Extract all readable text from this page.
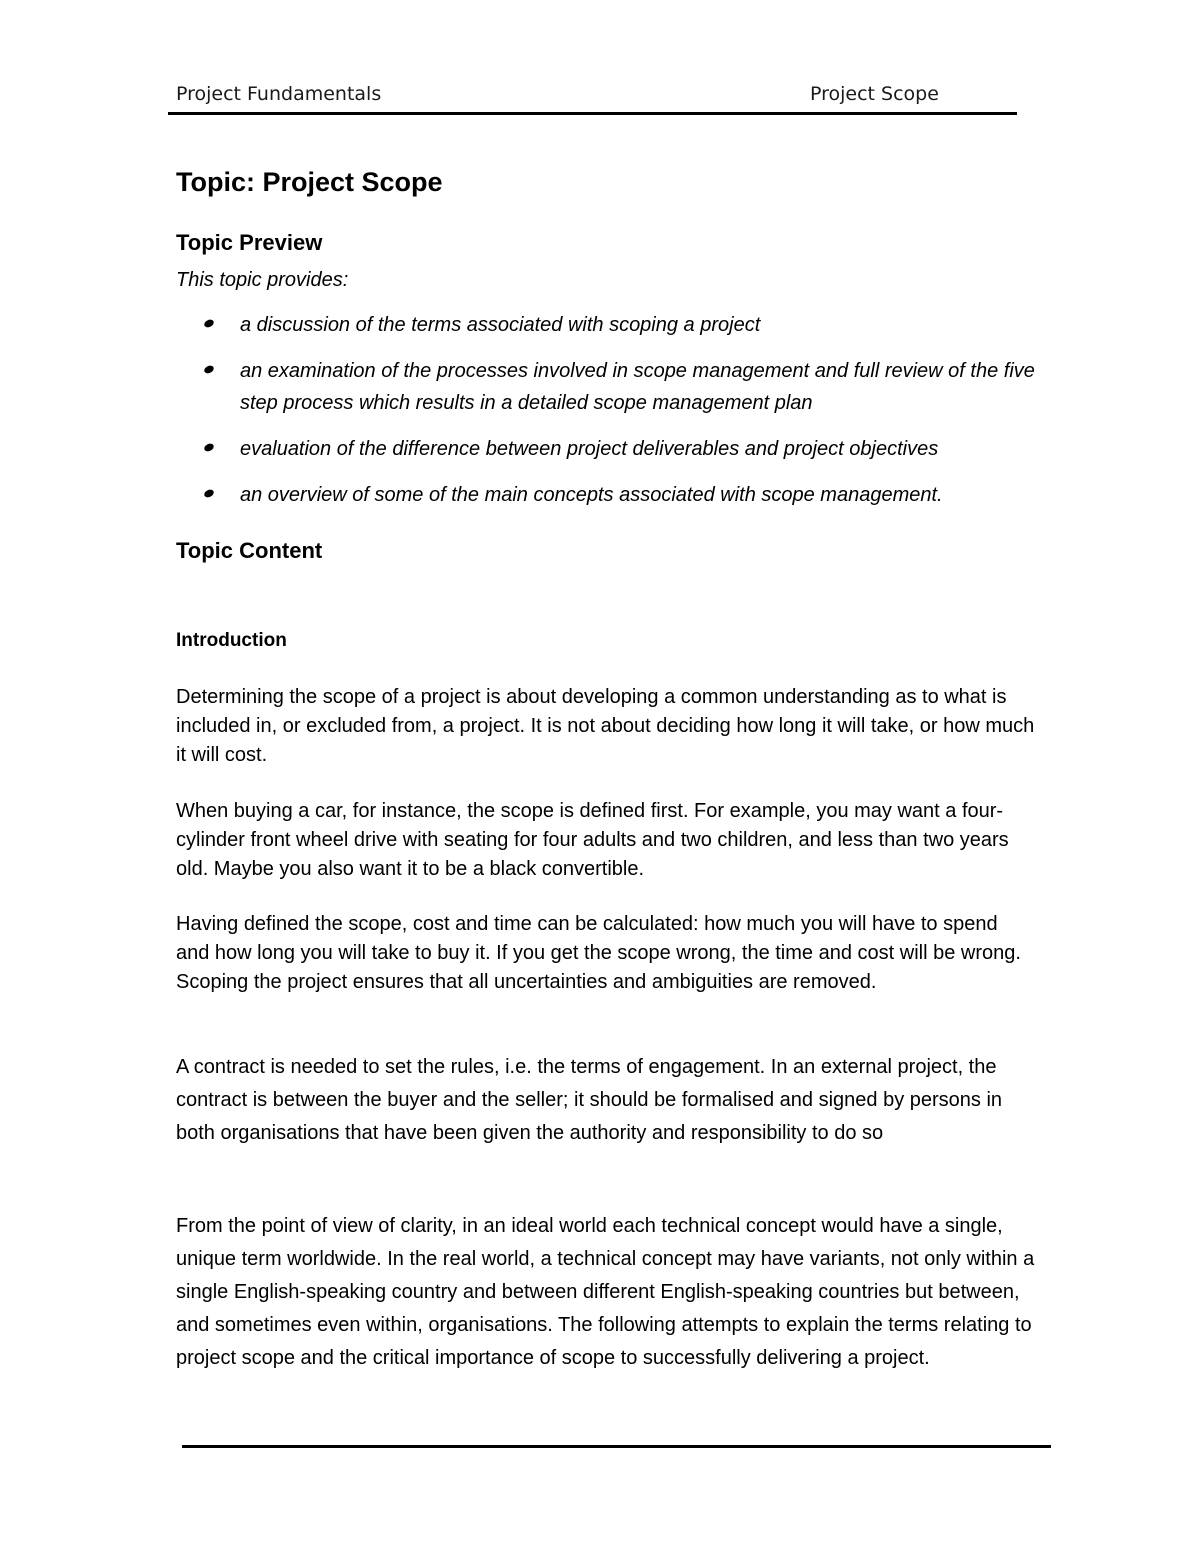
Project Fundamentals	Project Scope
Topic: Project Scope
Topic Preview
This topic provides:
a discussion of the terms associated with scoping a project
an examination of the processes involved in scope management and full review of the five step process which results in a detailed scope management plan
evaluation of the difference between project deliverables and project objectives
an overview of some of the main concepts associated with scope management.
Topic Content
Introduction

Determining the scope of a project is about developing a common understanding as to what is included in, or excluded from, a project. It is not about deciding how long it will take, or how much it will cost.

When buying a car, for instance, the scope is defined first. For example, you may want a four-cylinder front wheel drive with seating for four adults and two children, and less than two years old. Maybe you also want it to be a black convertible.

Having defined the scope, cost and time can be calculated: how much you will have to spend and how long you will take to buy it. If you get the scope wrong, the time and cost will be wrong. Scoping the project ensures that all uncertainties and ambiguities are removed.

A contract is needed to set the rules, i.e. the terms of engagement. In an external project, the contract is between the buyer and the seller; it should be formalised and signed by persons in both organisations that have been given the authority and responsibility to do so

From the point of view of clarity, in an ideal world each technical concept would have a single, unique term worldwide. In the real world, a technical concept may have variants, not only within a single English-speaking country and between different English-speaking countries but between, and sometimes even within, organisations. The following attempts to explain the terms relating to project scope and the critical importance of scope to successfully delivering a project.
